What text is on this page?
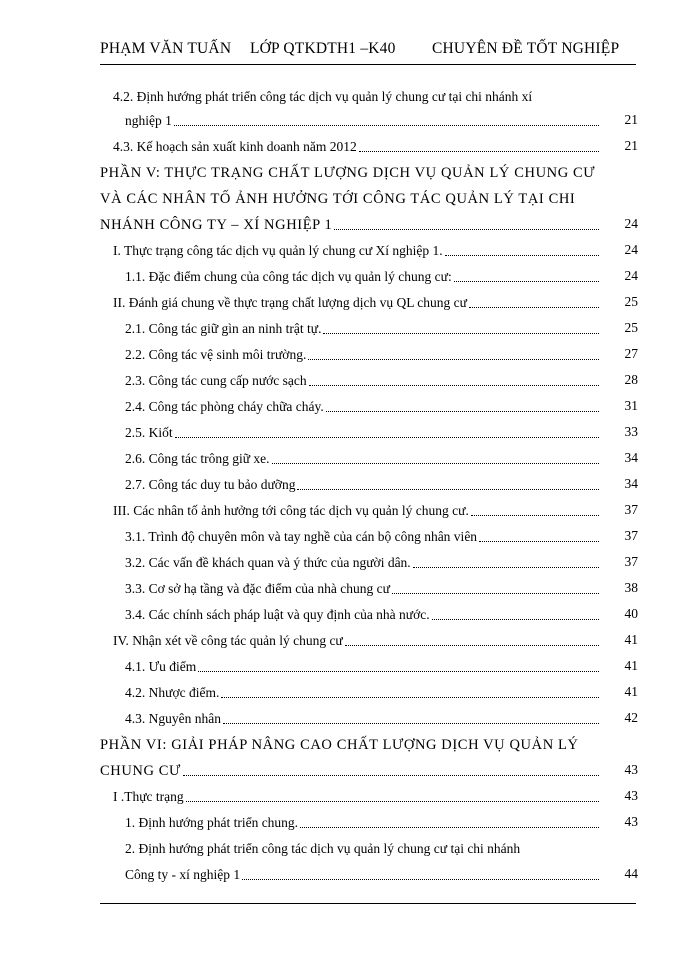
PHẠM VĂN TUẤN LỚP QTKDTH1 –K40 CHUYÊN ĐỀ TỐT NGHIỆP
4.2. Định hướng phát triển công tác dịch vụ quản lý chung cư tại chi nhánh xí
nghiệp 1	21
4.3. Kế hoạch sản xuất kinh doanh năm 2012	21
PHẦN V: THỰC TRẠNG CHẤT LƯỢNG DỊCH VỤ QUẢN LÝ CHUNG CƯ
VÀ CÁC NHÂN TỐ ẢNH HƯỞNG TỚI CÔNG TÁC QUẢN LÝ TẠI CHI
NHÁNH CÔNG TY – XÍ NGHIỆP 1	24
I. Thực trạng công tác dịch vụ quản lý chung cư Xí nghiệp 1.	24
1.1. Đặc điểm chung của công tác dịch vụ quản lý chung cư:	24
II. Đánh giá chung về thực trạng chất lượng dịch vụ QL chung cư	25
2.1. Công tác giữ gìn an ninh trật tự.	25
2.2. Công tác vệ sinh môi trường.	27
2.3. Công tác cung cấp nước sạch	28
2.4. Công tác phòng cháy chữa cháy.	31
2.5. Kiốt	33
2.6. Công tác trông giữ xe.	34
2.7. Công tác duy tu bảo dưỡng	34
III. Các nhân tố ảnh hưởng tới công tác dịch vụ quản lý chung cư.	37
3.1. Trình độ chuyên môn và tay nghề của cán bộ công nhân viên	37
3.2. Các vấn đề khách quan và ý thức của người dân.	37
3.3. Cơ sở hạ tầng và đặc điểm của nhà chung cư	38
3.4. Các chính sách pháp luật và quy định của nhà nước.	40
IV. Nhận xét về công tác quản lý chung cư	41
4.1. Ưu điểm	41
4.2. Nhược điểm.	41
4.3. Nguyên nhân	42
PHẦN VI: GIẢI PHÁP NÂNG CAO CHẤT LƯỢNG DỊCH VỤ QUẢN LÝ
CHUNG CƯ	43
I .Thực trạng	43
1. Định hướng phát triển chung.	43
2. Định hướng phát triển công tác dịch vụ quản lý chung cư tại chi nhánh
Công ty - xí nghiệp 1	44
